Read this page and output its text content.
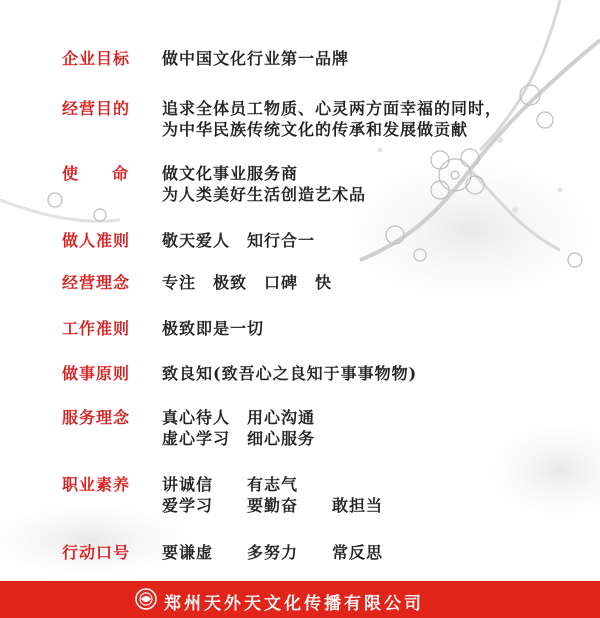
企业目标	做中国文化行业第一品牌
经营目的	追求全体员工物质、心灵两方面幸福的同时，
为中华民族传统文化的传承和发展做贡献
使命 做文化事业服务商
为人类美好生活创造艺术品
做人准则	敬天爱人　知行合一
经营理念	专注　极致　口碑　快
工作准则	极致即是一切
做事原则	致良知(致吾心之良知于事事物物)
服务理念	真心待人　用心沟通
虚心学习　细心服务
职业素养	讲诚信　　有志气
爱学习　　要勤奋　　敢担当
行动口号	要谦虚　　多努力　　常反思
郑州天外天文化传播有限公司
